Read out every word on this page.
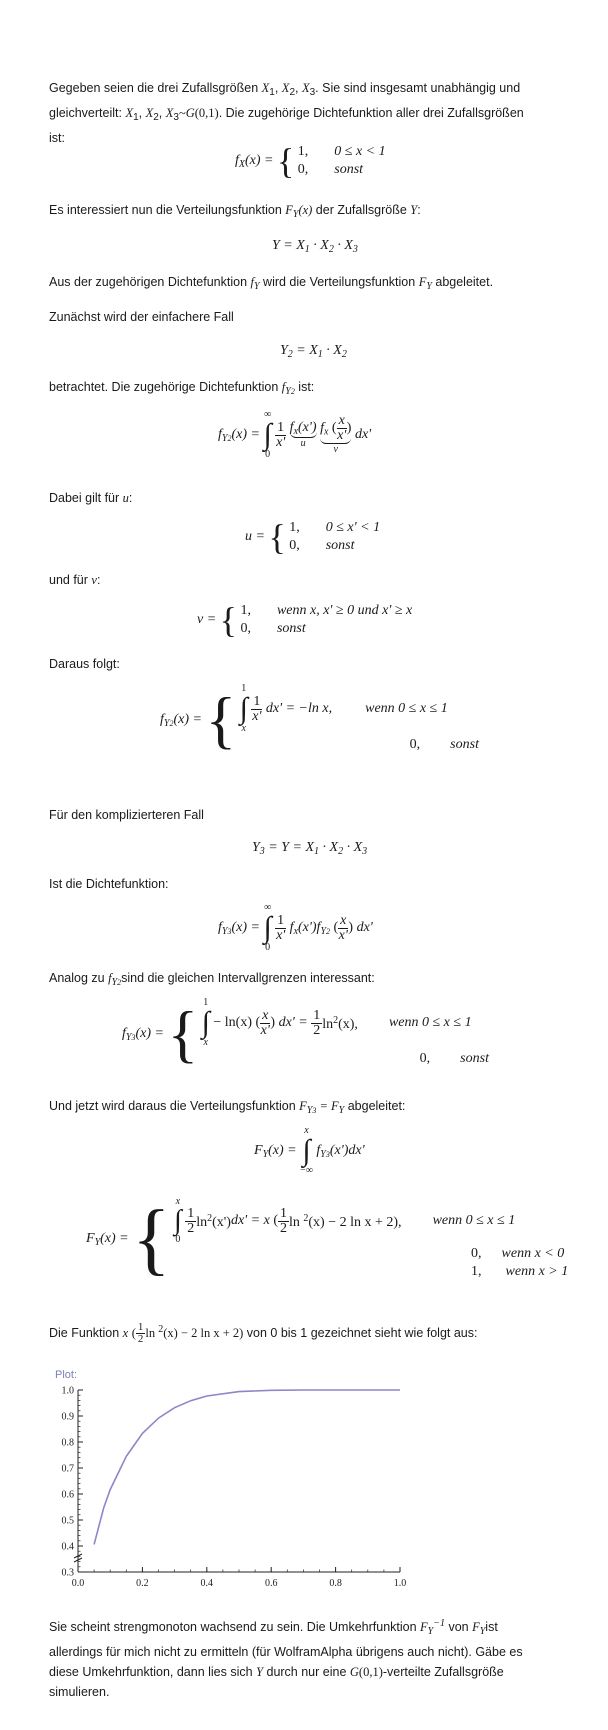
Gegeben seien die drei Zufallsgrößen $X_1$, $X_2$, $X_3$. Sie sind insgesamt unabhängig und
gleichverteilt: $X_1$, $X_2$, $X_3\sim G(0,1)$. Die zugehörige Dichtefunktion aller drei Zufallsgrößen
ist:
$f_X(x)$ = { 1, 0 ≤ x < 1
0, sonst
Es interessiert nun die Verteilungsfunktion $F_Y(x)$ der Zufallsgröße Y:
$Y = X_1 \cdot X_2 \cdot X_3$
Aus der zugehörigen Dichtefunktion $f_Y$ wird die Verteilungsfunktion $F_Y$ abgeleitet.
Zunächst wird der einfachere Fall
$Y_2 = X_1 \cdot X_2$
betrachtet. Die zugehörige Dichtefunktion $f_{Y2}$ ist:
$f_{Y2}(x)$ =
∞
∫
0

$\frac{1}{x'}$
$f_x(x')$
u

$f_x$ ( $\frac{x}{x'}$ )
v
dx'
Dabei gilt für u:
u = { 1, 0 ≤ x' < 1
0, sonst
und für v:
v = { 1, wenn x, x' ≥ 0 und x' ≥ x
0, sonst
Daraus folgt:
$f_{Y2}(x)$ = { 1
∫
x

$\frac{1}{x'} dx' = -\ln$ x, wenn 0 ≤ x ≤ 1
0, sonst
Für den komplizierteren Fall
$Y_3 = Y = X_1 \cdot X_2 \cdot X_3$
Ist die Dichtefunktion:
$f_{Y3}(x)$ =
∞
∫
0

$\frac{1}{x'} f_x(x')f_{Y2}$ ( $\frac{x}{x'}$ ) dx'
Analog zu $f_{Y2}\sin d$ die gleichen Intervallgrenzen interessant:
$f_{Y3}(x)$ = { 1
∫
x
− ln(x) ( $\frac{x}{x'}$ ) $dx' = \frac{1}{2} \ln^2(x)$, wenn 0 ≤ x ≤ 1
0, sonst
Und jetzt wird daraus die Verteilungsfunktion $F_{Y3} = F_Y$ abgeleitet:
$F_Y(x)$ =
x
∫
−∞
$f_{Y3}(x')dx'$
$F_Y(x)$ = { x
∫
0

$\frac{1}{2} \ln^2(x')dx' = x$ ( $\frac{1}{2}$ ln $^2$(x) − 2 ln x + 2), wenn 0 ≤ x ≤ 1
0, wenn x < 0
1, wenn x > 1
Die Funktion x ( $\frac{1}{2}$ ln $^2$(x) − 2 ln x + 2) von 0 bis 1 gezeichnet sieht wie folgt aus:
Plot:
0.3
0.4
0.5
0.6
0.7
0.8
0.9
1.0
0.0	0.2	0.4	0.6	0.8	1.0
Sie scheint strengmonoton wachsend zu sein. Die Umkehrfunktion $F_Y^{-1}$ von $F_Yist$
allerdings für mich nicht zu ermitteln (für WolframAlpha übrigens auch nicht). Gäbe es
diese Umkehrfunktion, dann lies sich Y durch nur eine G(0,1)-verteilte Zufallsgröße
simulieren.
